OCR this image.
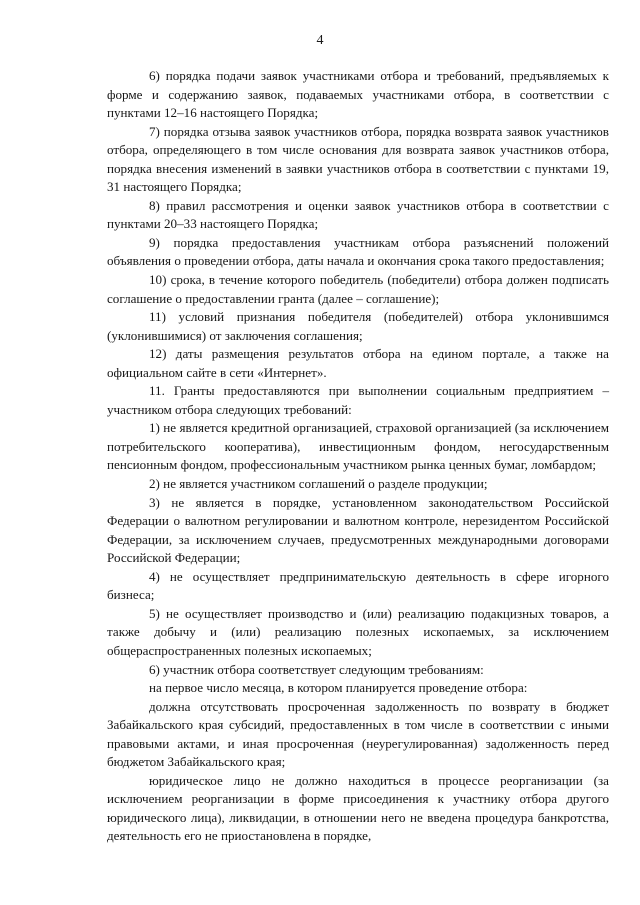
4

6) порядка подачи заявок участниками отбора и требований, предъявляемых к форме и содержанию заявок, подаваемых участниками отбора, в соответствии с пунктами 12–16 настоящего Порядка;

7) порядка отзыва заявок участников отбора, порядка возврата заявок участников отбора, определяющего в том числе основания для возврата заявок участников отбора, порядка внесения изменений в заявки участников отбора в соответствии с пунктами 19, 31 настоящего Порядка;

8) правил рассмотрения и оценки заявок участников отбора в соответствии с пунктами 20–33 настоящего Порядка;

9) порядка предоставления участникам отбора разъяснений положений объявления о проведении отбора, даты начала и окончания срока такого предоставления;

10) срока, в течение которого победитель (победители) отбора должен подписать соглашение о предоставлении гранта (далее – соглашение);

11) условий признания победителя (победителей) отбора уклонившимся (уклонившимися) от заключения соглашения;

12) даты размещения результатов отбора на едином портале, а также на официальном сайте в сети «Интернет».

11. Гранты предоставляются при выполнении социальным предприятием – участником отбора следующих требований:

1) не является кредитной организацией, страховой организацией (за исключением потребительского кооператива), инвестиционным фондом, негосударственным пенсионным фондом, профессиональным участником рынка ценных бумаг, ломбардом;

2) не является участником соглашений о разделе продукции;

3) не является в порядке, установленном законодательством Российской Федерации о валютном регулировании и валютном контроле, нерезидентом Российской Федерации, за исключением случаев, предусмотренных международными договорами Российской Федерации;

4) не осуществляет предпринимательскую деятельность в сфере игорного бизнеса;

5) не осуществляет производство и (или) реализацию подакцизных товаров, а также добычу и (или) реализацию полезных ископаемых, за исключением общераспространенных полезных ископаемых;

6) участник отбора соответствует следующим требованиям:

на первое число месяца, в котором планируется проведение отбора:

должна отсутствовать просроченная задолженность по возврату в бюджет Забайкальского края субсидий, предоставленных в том числе в соответствии с иными правовыми актами, и иная просроченная (неурегулированная) задолженность перед бюджетом Забайкальского края;

юридическое лицо не должно находиться в процессе реорганизации (за исключением реорганизации в форме присоединения к участнику отбора другого юридического лица), ликвидации, в отношении него не введена процедура банкротства, деятельность его не приостановлена в порядке,
